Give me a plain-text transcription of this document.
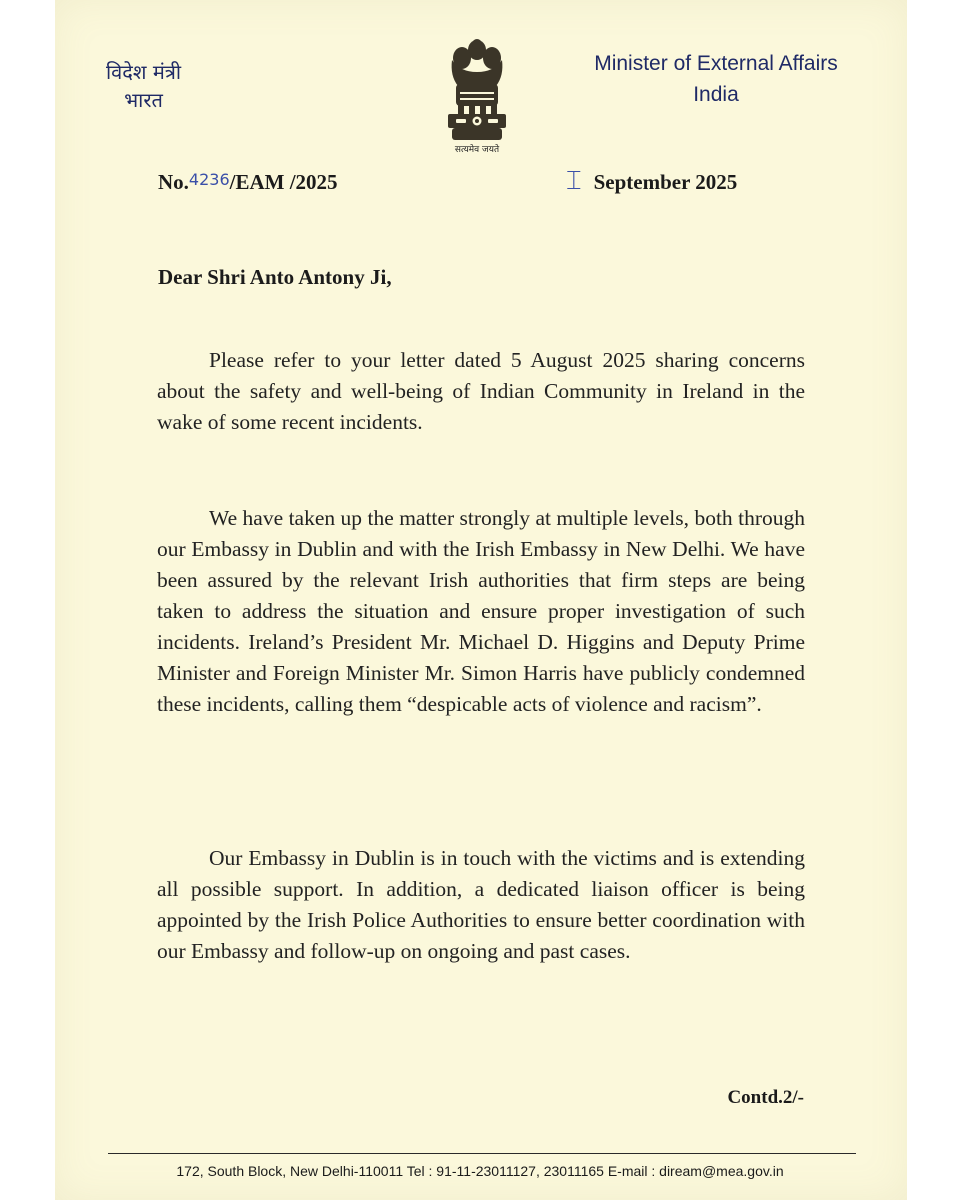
विदेश मंत्री
भारत
सत्यमेव जयते
Minister of External Affairs
India
No.4236/EAM /2025	⌶ September 2025
Dear Shri Anto Antony Ji,

Please refer to your letter dated 5 August 2025 sharing concerns about the safety and well-being of Indian Community in Ireland in the wake of some recent incidents.

We have taken up the matter strongly at multiple levels, both through our Embassy in Dublin and with the Irish Embassy in New Delhi. We have been assured by the relevant Irish authorities that firm steps are being taken to address the situation and ensure proper investigation of such incidents. Ireland’s President Mr. Michael D. Higgins and Deputy Prime Minister and Foreign Minister Mr. Simon Harris have publicly condemned these incidents, calling them “despicable acts of violence and racism”.

Our Embassy in Dublin is in touch with the victims and is extending all possible support. In addition, a dedicated liaison officer is being appointed by the Irish Police Authorities to ensure better coordination with our Embassy and follow-up on ongoing and past cases.

Contd.2/-
172, South Block, New Delhi-110011 Tel : 91-11-23011127, 23011165 E-mail : diream@mea.gov.in
